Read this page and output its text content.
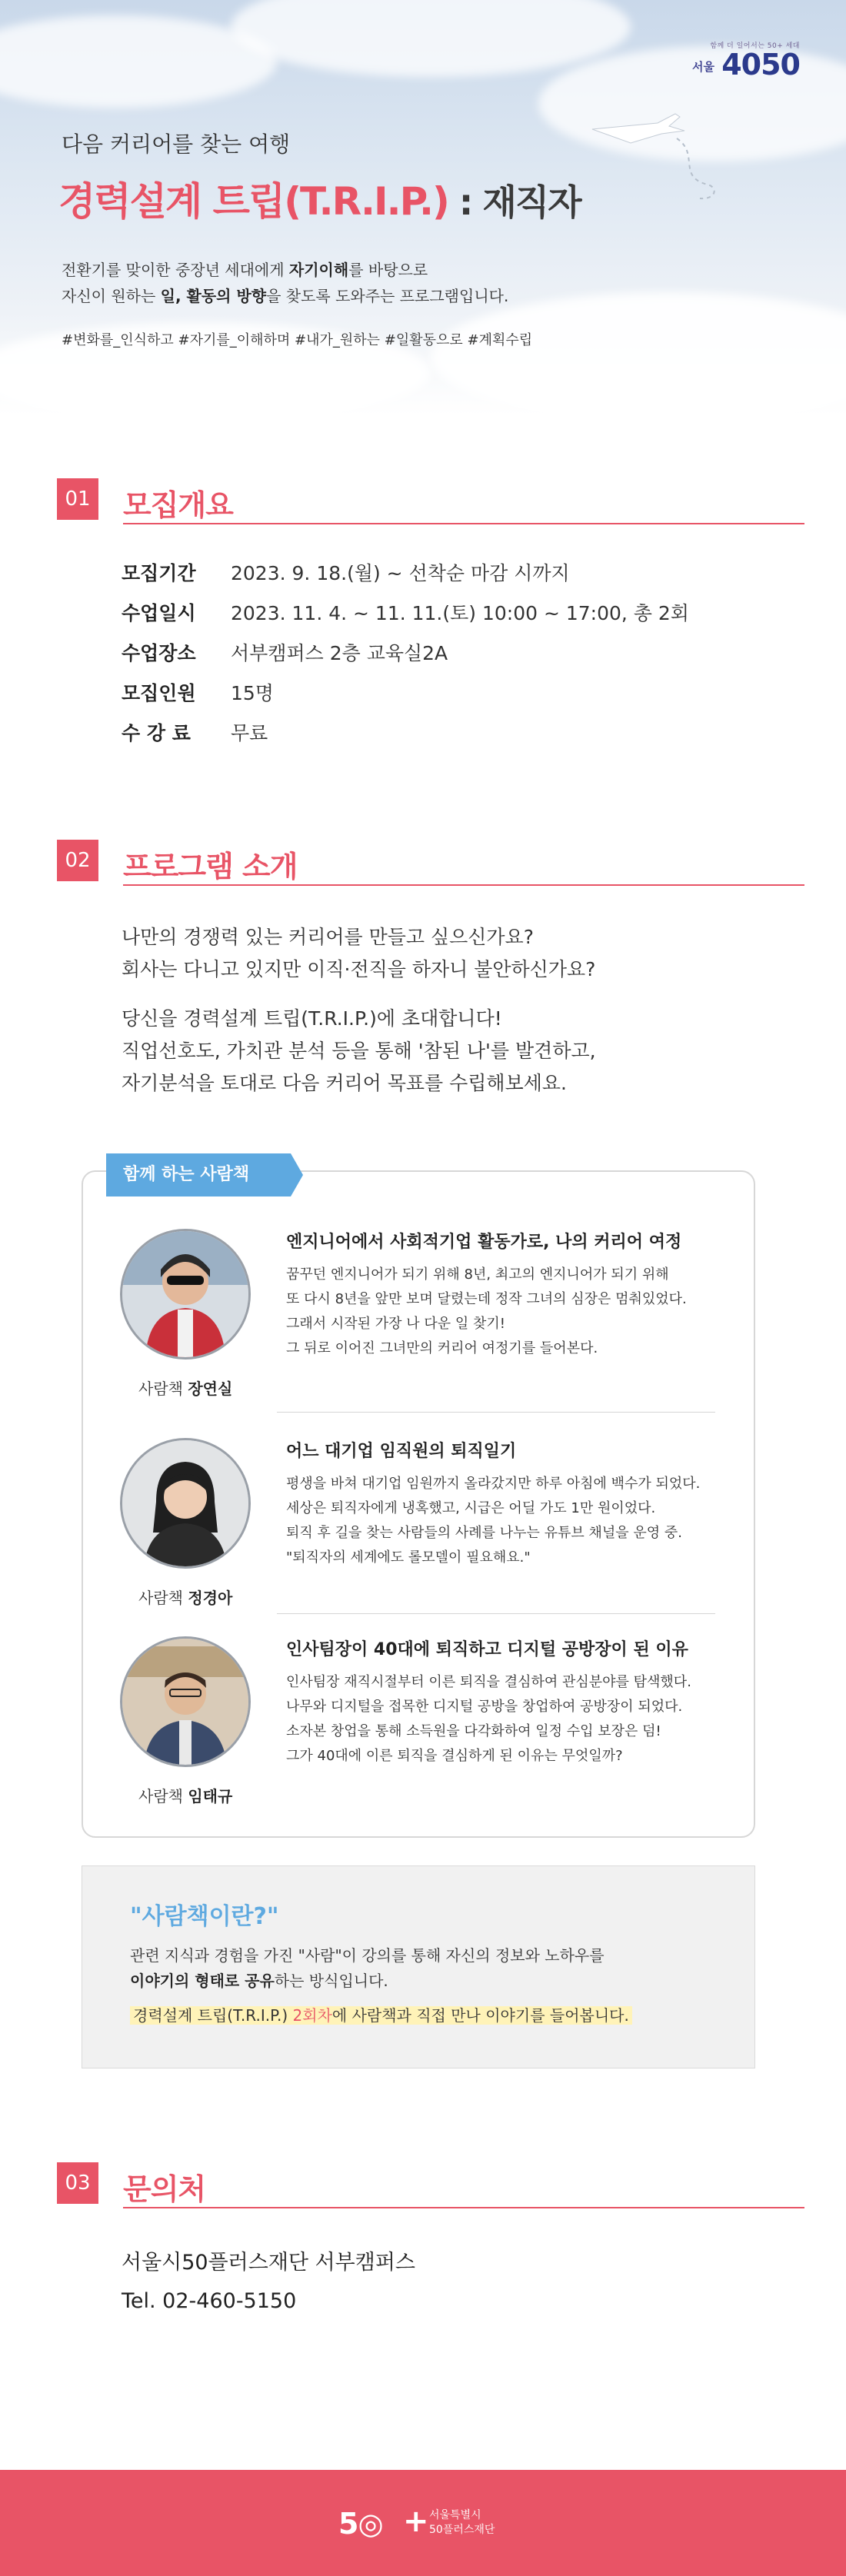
함께 더 일어서는 50+ 세대
서울 4050
다음 커리어를 찾는 여행
경력설계 트립(T.R.I.P.) : 재직자
전환기를 맞이한 중장년 세대에게 자기이해를 바탕으로
자신이 원하는 일, 활동의 방향을 찾도록 도와주는 프로그램입니다.
#변화를_인식하고 #자기를_이해하며 #내가_원하는 #일활동으로 #계획수립
01 모집개요
모집기간	2023. 9. 18.(월) ~ 선착순 마감 시까지
수업일시	2023. 11. 4. ~ 11. 11.(토) 10:00 ~ 17:00, 총 2회
수업장소	서부캠퍼스 2층 교육실2A
모집인원	15명
수 강 료	무료
02 프로그램 소개
나만의 경쟁력 있는 커리어를 만들고 싶으신가요?
회사는 다니고 있지만 이직·전직을 하자니 불안하신가요?
당신을 경력설계 트립(T.R.I.P.)에 초대합니다!
직업선호도, 가치관 분석 등을 통해 '참된 나'를 발견하고,
자기분석을 토대로 다음 커리어 목표를 수립해보세요.
함께 하는 사람책
사람책 장연실
엔지니어에서 사회적기업 활동가로, 나의 커리어 여정
꿈꾸던 엔지니어가 되기 위해 8년, 최고의 엔지니어가 되기 위해
또 다시 8년을 앞만 보며 달렸는데 정작 그녀의 심장은 멈춰있었다.
그래서 시작된 가장 나 다운 일 찾기!
그 뒤로 이어진 그녀만의 커리어 여정기를 들어본다.
사람책 정경아
어느 대기업 임직원의 퇴직일기
평생을 바쳐 대기업 임원까지 올라갔지만 하루 아침에 백수가 되었다.
세상은 퇴직자에게 냉혹했고, 시급은 어딜 가도 1만 원이었다.
퇴직 후 길을 찾는 사람들의 사례를 나누는 유튜브 채널을 운영 중.
"퇴직자의 세계에도 롤모델이 필요해요."
사람책 임태규
인사팀장이 40대에 퇴직하고 디지털 공방장이 된 이유
인사팀장 재직시절부터 이른 퇴직을 결심하여 관심분야를 탐색했다.
나무와 디지털을 접목한 디지털 공방을 창업하여 공방장이 되었다.
소자본 창업을 통해 소득원을 다각화하여 일정 수입 보장은 덤!
그가 40대에 이른 퇴직을 결심하게 된 이유는 무엇일까?
"사람책이란?"
관련 지식과 경험을 가진 "사람"이 강의를 통해 자신의 정보와 노하우를
이야기의 형태로 공유하는 방식입니다.
경력설계 트립(T.R.I.P.) 2회차에 사람책과 직접 만나 이야기를 들어봅니다.
03 문의처
서울시50플러스재단 서부캠퍼스
Tel. 02-460-5150
5◎ + 서울특별시
50플러스재단
